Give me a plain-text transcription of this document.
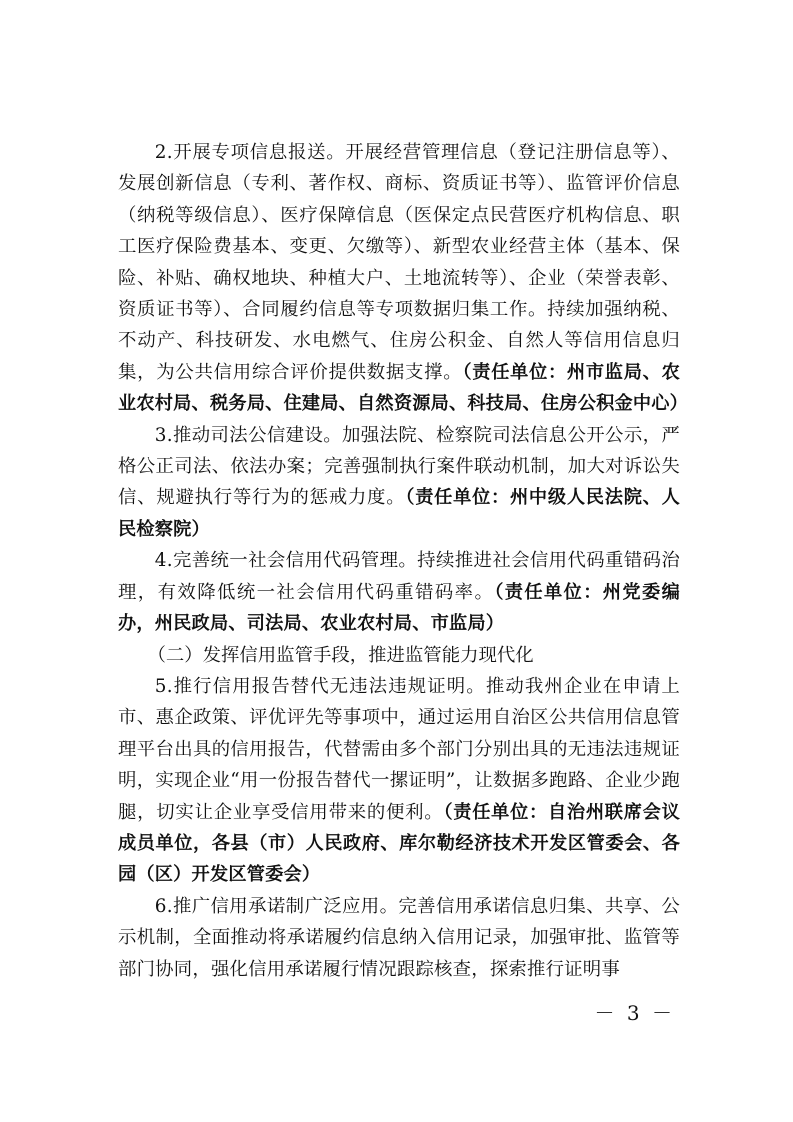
2.开展专项信息报送。开展经营管理信息（登记注册信息等）、发展创新信息（专利、著作权、商标、资质证书等）、监管评价信息（纳税等级信息）、医疗保障信息（医保定点民营医疗机构信息、职工医疗保险费基本、变更、欠缴等）、新型农业经营主体（基本、保险、补贴、确权地块、种植大户、土地流转等）、企业（荣誉表彰、资质证书等）、合同履约信息等专项数据归集工作。持续加强纳税、不动产、科技研发、水电燃气、住房公积金、自然人等信用信息归集，为公共信用综合评价提供数据支撑。（责任单位：州市监局、农业农村局、税务局、住建局、自然资源局、科技局、住房公积金中心）

3.推动司法公信建设。加强法院、检察院司法信息公开公示，严格公正司法、依法办案；完善强制执行案件联动机制，加大对诉讼失信、规避执行等行为的惩戒力度。（责任单位：州中级人民法院、人民检察院）

4.完善统一社会信用代码管理。持续推进社会信用代码重错码治理，有效降低统一社会信用代码重错码率。（责任单位：州党委编办，州民政局、司法局、农业农村局、市监局）

（二）发挥信用监管手段，推进监管能力现代化

5.推行信用报告替代无违法违规证明。推动我州企业在申请上市、惠企政策、评优评先等事项中，通过运用自治区公共信用信息管理平台出具的信用报告，代替需由多个部门分别出具的无违法违规证明，实现企业“用一份报告替代一摞证明”，让数据多跑路、企业少跑腿，切实让企业享受信用带来的便利。（责任单位：自治州联席会议成员单位，各县（市）人民政府、库尔勒经济技术开发区管委会、各园（区）开发区管委会）

6.推广信用承诺制广泛应用。完善信用承诺信息归集、共享、公示机制，全面推动将承诺履约信息纳入信用记录，加强审批、监管等部门协同，强化信用承诺履行情况跟踪核查，探索推行证明事

－ 3 －
